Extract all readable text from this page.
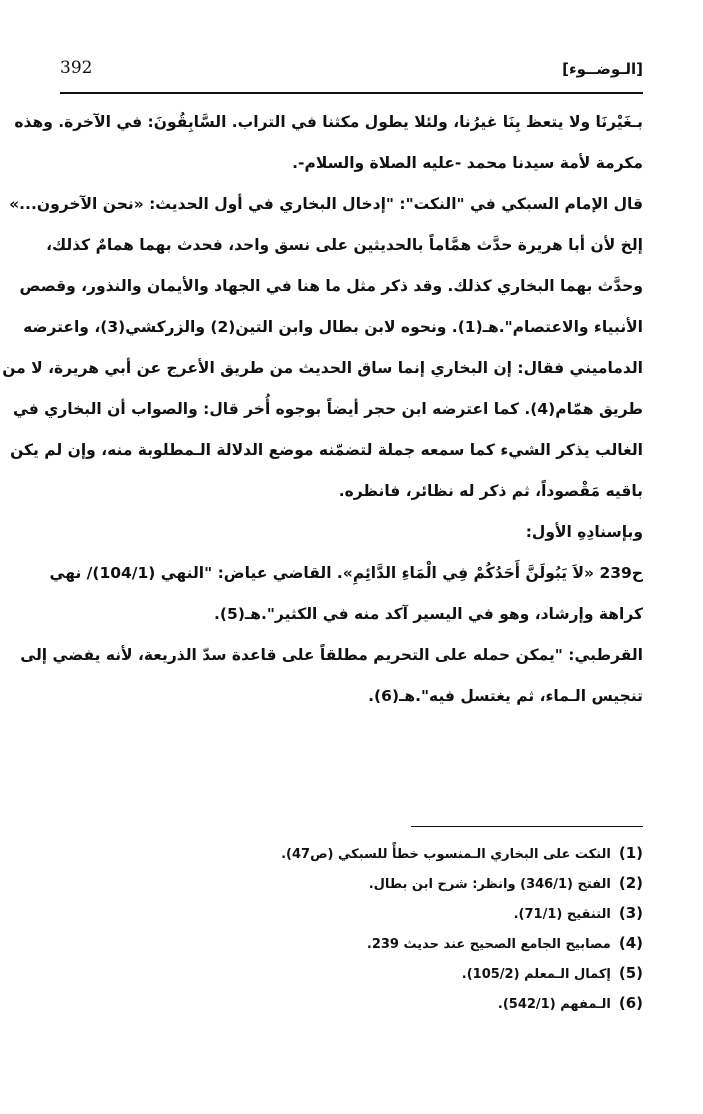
392	[الـوضــوء]
بـغَيْرنَا ولا يتعظ بِنَا غيرُنا، ولئلا يطول مكثنا في التراب. السَّابِقُونَ: في الآخرة. وهذه
مكرمة لأمة سيدنا محمد -عليه الصلاة والسلام-.
قال الإمام السبكي في "النكت": "إدخال البخاري في أول الحديث: «نحن الآخرون...»
إلخ لأن أبا هريرة حدَّث همَّاماً بالحديثين على نسق واحد، فحدث بهما همامٌ كذلك،
وحدَّث بهما البخاري كذلك. وقد ذكر مثل ما هنا في الجهاد والأيمان والنذور، وقصص
الأنبياء والاعتصام".هـ(1). ونحوه لابن بطال وابن التين(2) والزركشي(3)، واعترضه
الدماميني فقال: إن البخاري إنما ساق الحديث من طريق الأعرج عن أبي هريرة، لا من
طريق همّام(4). كما اعترضه ابن حجر أيضاً بوجوه أُخر قال: والصواب أن البخاري في
الغالب يذكر الشيء كما سمعه جملة لتضمّنه موضع الدلالة الـمطلوبة منه، وإن لم يكن
باقيه مَقْصوداً، ثم ذكر له نظائر، فانظره.
وبإسنادِهِ الأول:
ح239 «لاَ يَبُولَنَّ أَحَدُكُمْ فِي الْمَاءِ الدَّائِمِ». القاضي عياض: "النهي (104/1)/ نهي
كراهة وإرشاد، وهو في اليسير آكد منه في الكثير".هـ(5).
القرطبي: "يمكن حمله على التحريم مطلقاً على قاعدة سدّ الذريعة، لأنه يفضي إلى
تنجيس الـماء، ثم يغتسل فيه".هـ(6).
(1)النكت على البخاري الـمنسوب خطأً للسبكي (ص47).
(2)الفتح (346/1) وانظر: شرح ابن بطال.
(3)التنقيح (71/1).
(4)مصابيح الجامع الصحيح عند حديث 239.
(5)إكمال الـمعلم (105/2).
(6)الـمفهم (542/1).
